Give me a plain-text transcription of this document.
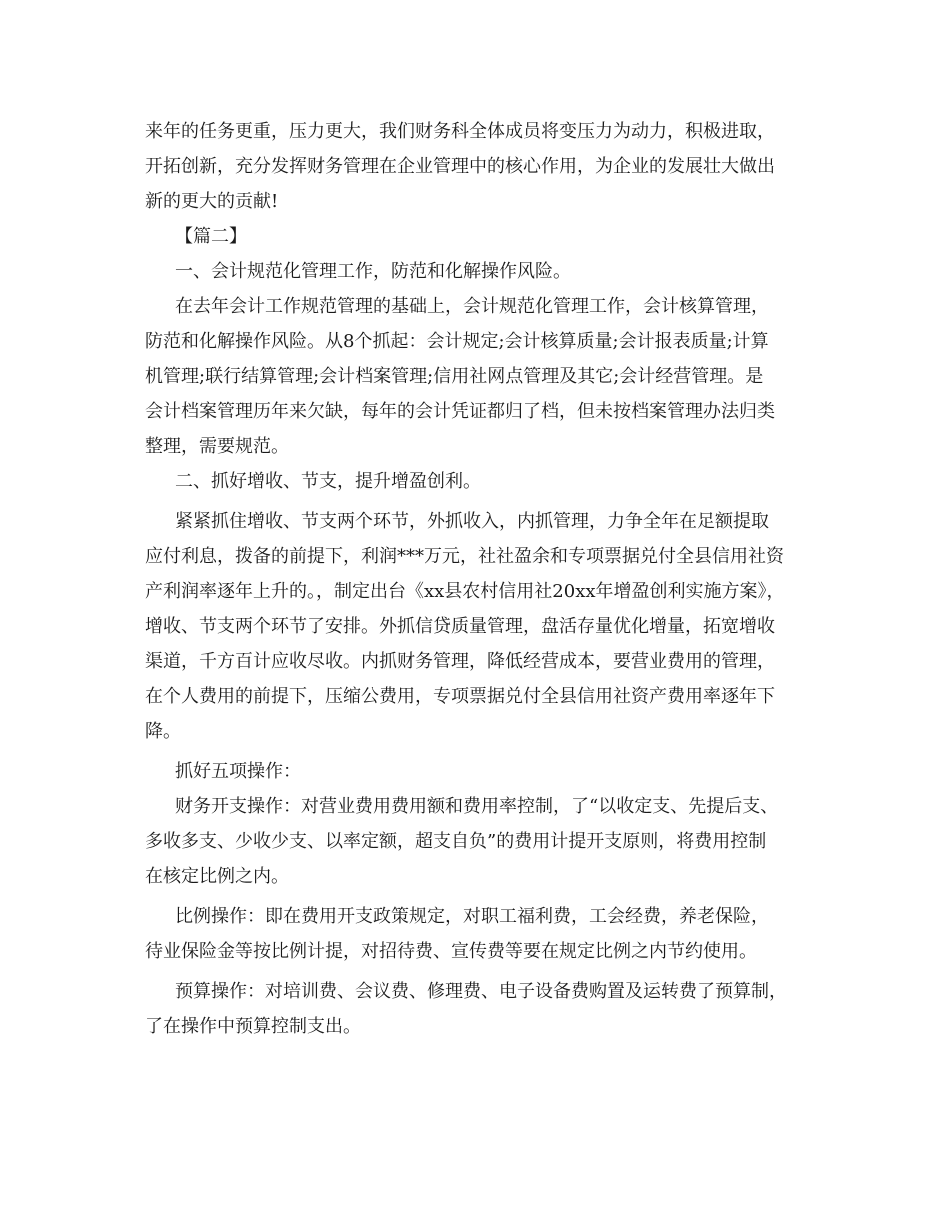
来年的任务更重，压力更大，我们财务科全体成员将变压力为动力，积极进取，
开拓创新，充分发挥财务管理在企业管理中的核心作用，为企业的发展壮大做出
新的更大的贡献!
【篇二】
一、会计规范化管理工作，防范和化解操作风险。
在去年会计工作规范管理的基础上，会计规范化管理工作，会计核算管理，
防范和化解操作风险。从8个抓起：会计规定;会计核算质量;会计报表质量;计算
机管理;联行结算管理;会计档案管理;信用社网点管理及其它;会计经营管理。是
会计档案管理历年来欠缺，每年的会计凭证都归了档，但未按档案管理办法归类
整理，需要规范。
二、抓好增收、节支，提升增盈创利。
紧紧抓住增收、节支两个环节，外抓收入，内抓管理，力争全年在足额提取
应付利息，拨备的前提下，利润***万元，社社盈余和专项票据兑付全县信用社资
产利润率逐年上升的。，制定出台《xx县农村信用社20xx年增盈创利实施方案》，
增收、节支两个环节了安排。外抓信贷质量管理，盘活存量优化增量，拓宽增收
渠道，千方百计应收尽收。内抓财务管理，降低经营成本，要营业费用的管理，
在个人费用的前提下，压缩公费用，专项票据兑付全县信用社资产费用率逐年下
降。
抓好五项操作：
财务开支操作：对营业费用费用额和费用率控制，了“以收定支、先提后支、
多收多支、少收少支、以率定额，超支自负”的费用计提开支原则，将费用控制
在核定比例之内。
比例操作：即在费用开支政策规定，对职工福利费，工会经费，养老保险，
待业保险金等按比例计提，对招待费、宣传费等要在规定比例之内节约使用。
预算操作：对培训费、会议费、修理费、电子设备费购置及运转费了预算制，
了在操作中预算控制支出。
